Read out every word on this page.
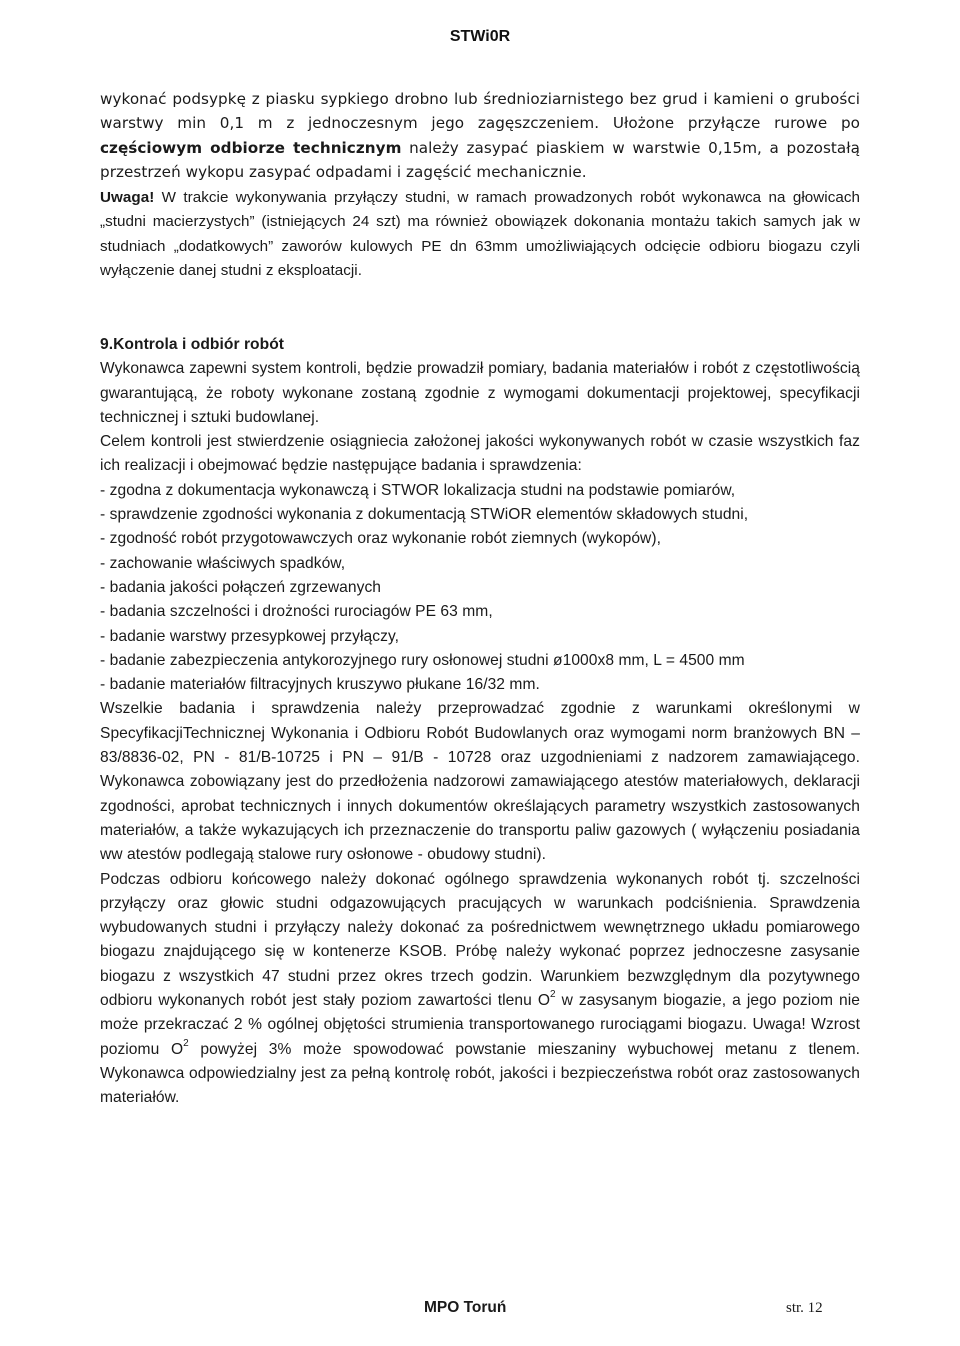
STWi0R
wykonać podsypkę z piasku sypkiego drobno lub średnioziarnistego bez grud i kamieni o grubości warstwy min 0,1 m z jednoczesnym jego zagęszczeniem. Ułożone przyłącze rurowe po częściowym odbiorze technicznym należy zasypać piaskiem w warstwie 0,15m, a pozostałą przestrzeń wykopu zasypać odpadami i zagęścić mechanicznie.
Uwaga! W trakcie wykonywania przyłączy studni, w ramach prowadzonych robót wykonawca na głowicach „studni macierzystych” (istniejących 24 szt) ma również obowiązek dokonania montażu takich samych jak w studniach „dodatkowych” zaworów kulowych PE dn 63mm umożliwiających odcięcie odbioru biogazu czyli wyłączenie danej studni z eksploatacji.

9.Kontrola i odbiór robót

Wykonawca zapewni system kontroli, będzie prowadził pomiary, badania materiałów i robót z częstotliwością gwarantującą, że roboty wykonane zostaną zgodnie z wymogami dokumentacji projektowej, specyfikacji technicznej i sztuki budowlanej.

Celem kontroli jest stwierdzenie osiągniecia założonej jakości wykonywanych robót w czasie wszystkich faz ich realizacji i obejmować będzie następujące badania i sprawdzenia:

- zgodna z dokumentacja wykonawczą i STWOR lokalizacja studni na podstawie pomiarów,

- sprawdzenie zgodności wykonania z dokumentacją STWiOR elementów składowych studni,

- zgodność robót przygotowawczych oraz wykonanie robót ziemnych (wykopów),

- zachowanie właściwych spadków,

- badania jakości połączeń zgrzewanych

- badania szczelności i drożności rurociagów PE 63 mm,

- badanie warstwy przesypkowej przyłączy,

- badanie zabezpieczenia antykorozyjnego rury osłonowej studni ø1000x8 mm, L = 4500 mm

- badanie materiałów filtracyjnych kruszywo płukane 16/32 mm.

Wszelkie badania i sprawdzenia należy przeprowadzać zgodnie z warunkami określonymi w SpecyfikacjiTechnicznej Wykonania i Odbioru Robót Budowlanych oraz wymogami norm branżowych BN – 83/8836-02, PN - 81/B-10725 i PN – 91/B - 10728 oraz uzgodnieniami z nadzorem zamawiającego. Wykonawca zobowiązany jest do przedłożenia nadzorowi zamawiającego atestów materiałowych, deklaracji zgodności, aprobat technicznych i innych dokumentów określających parametry wszystkich zastosowanych materiałów, a także wykazujących ich przeznaczenie do transportu paliw gazowych ( wyłączeniu posiadania ww atestów podlegają stalowe rury osłonowe - obudowy studni).

Podczas odbioru końcowego należy dokonać ogólnego sprawdzenia wykonanych robót tj. szczelności przyłączy oraz głowic studni odgazowujących pracujących w warunkach podciśnienia. Sprawdzenia wybudowanych studni i przyłączy należy dokonać za pośrednictwem wewnętrznego układu pomiarowego biogazu znajdującego się w kontenerze KSOB. Próbę należy wykonać poprzez jednoczesne zasysanie biogazu z wszystkich 47 studni przez okres trzech godzin. Warunkiem bezwzględnym dla pozytywnego odbioru wykonanych robót jest stały poziom zawartości tlenu $O^2$ w zasysanym biogazie, a jego poziom nie może przekraczać 2 % ogólnej objętości strumienia transportowanego rurociągami biogazu. Uwaga! Wzrost poziomu $O^2$ powyżej 3% może spowodować powstanie mieszaniny wybuchowej metanu z tlenem. Wykonawca odpowiedzialny jest za pełną kontrolę robót, jakości i bezpieczeństwa robót oraz zastosowanych materiałów.

MPO Toruń	str. 12
